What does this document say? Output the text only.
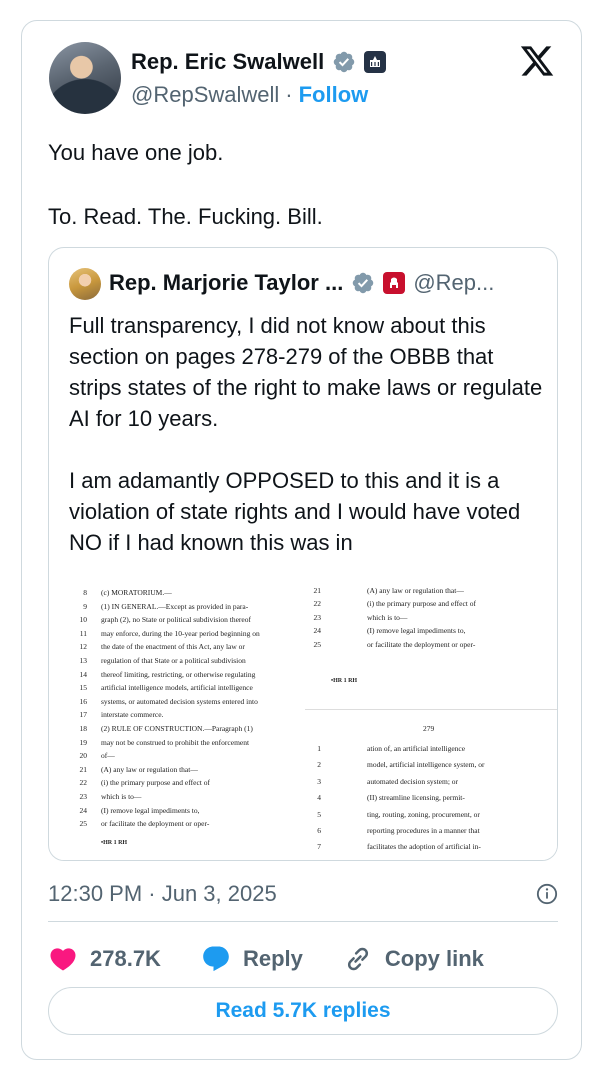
Rep. Eric Swalwell
@RepSwalwell · Follow

You have one job.

To. Read. The. Fucking. Bill.

Rep. Marjorie Taylor ...	@Rep...

Full transparency, I did not know about this section on pages 278-279 of the OBBB that strips states of the right to make laws or regulate AI for 10 years.

I am adamantly OPPOSED to this and it is a violation of state rights and I would have voted NO if I had known this was in

8 (c) MORATORIUM.—
9 (1) IN GENERAL.—Except as provided in para-
10 graph (2), no State or political subdivision thereof
11 may enforce, during the 10-year period beginning on
12 the date of the enactment of this Act, any law or
13 regulation of that State or a political subdivision
14 thereof limiting, restricting, or otherwise regulating
15 artificial intelligence models, artificial intelligence
16 systems, or automated decision systems entered into
17 interstate commerce.
18 (2) RULE OF CONSTRUCTION.—Paragraph (1)
19 may not be construed to prohibit the enforcement
20 of—
21 (A) any law or regulation that—
22 (i) the primary purpose and effect of
23 which is to—
24 (I) remove legal impediments to,
25 or facilitate the deployment or oper-
•HR 1 RH
21	(A) any law or regulation that—
22	(i) the primary purpose and effect of
23	which is to—
24	(I) remove legal impediments to,
25	or facilitate the deployment or oper-
•HR 1 RH
279
1	ation of, an artificial intelligence
2	model, artificial intelligence system, or
3	automated decision system; or
4	(II) streamline licensing, permit-
5	ting, routing, zoning, procurement, or
6	reporting procedures in a manner that
7	facilitates the adoption of artificial in-
12:30 PM · Jun 3, 2025
278.7K	Reply	Copy link
Read 5.7K replies
